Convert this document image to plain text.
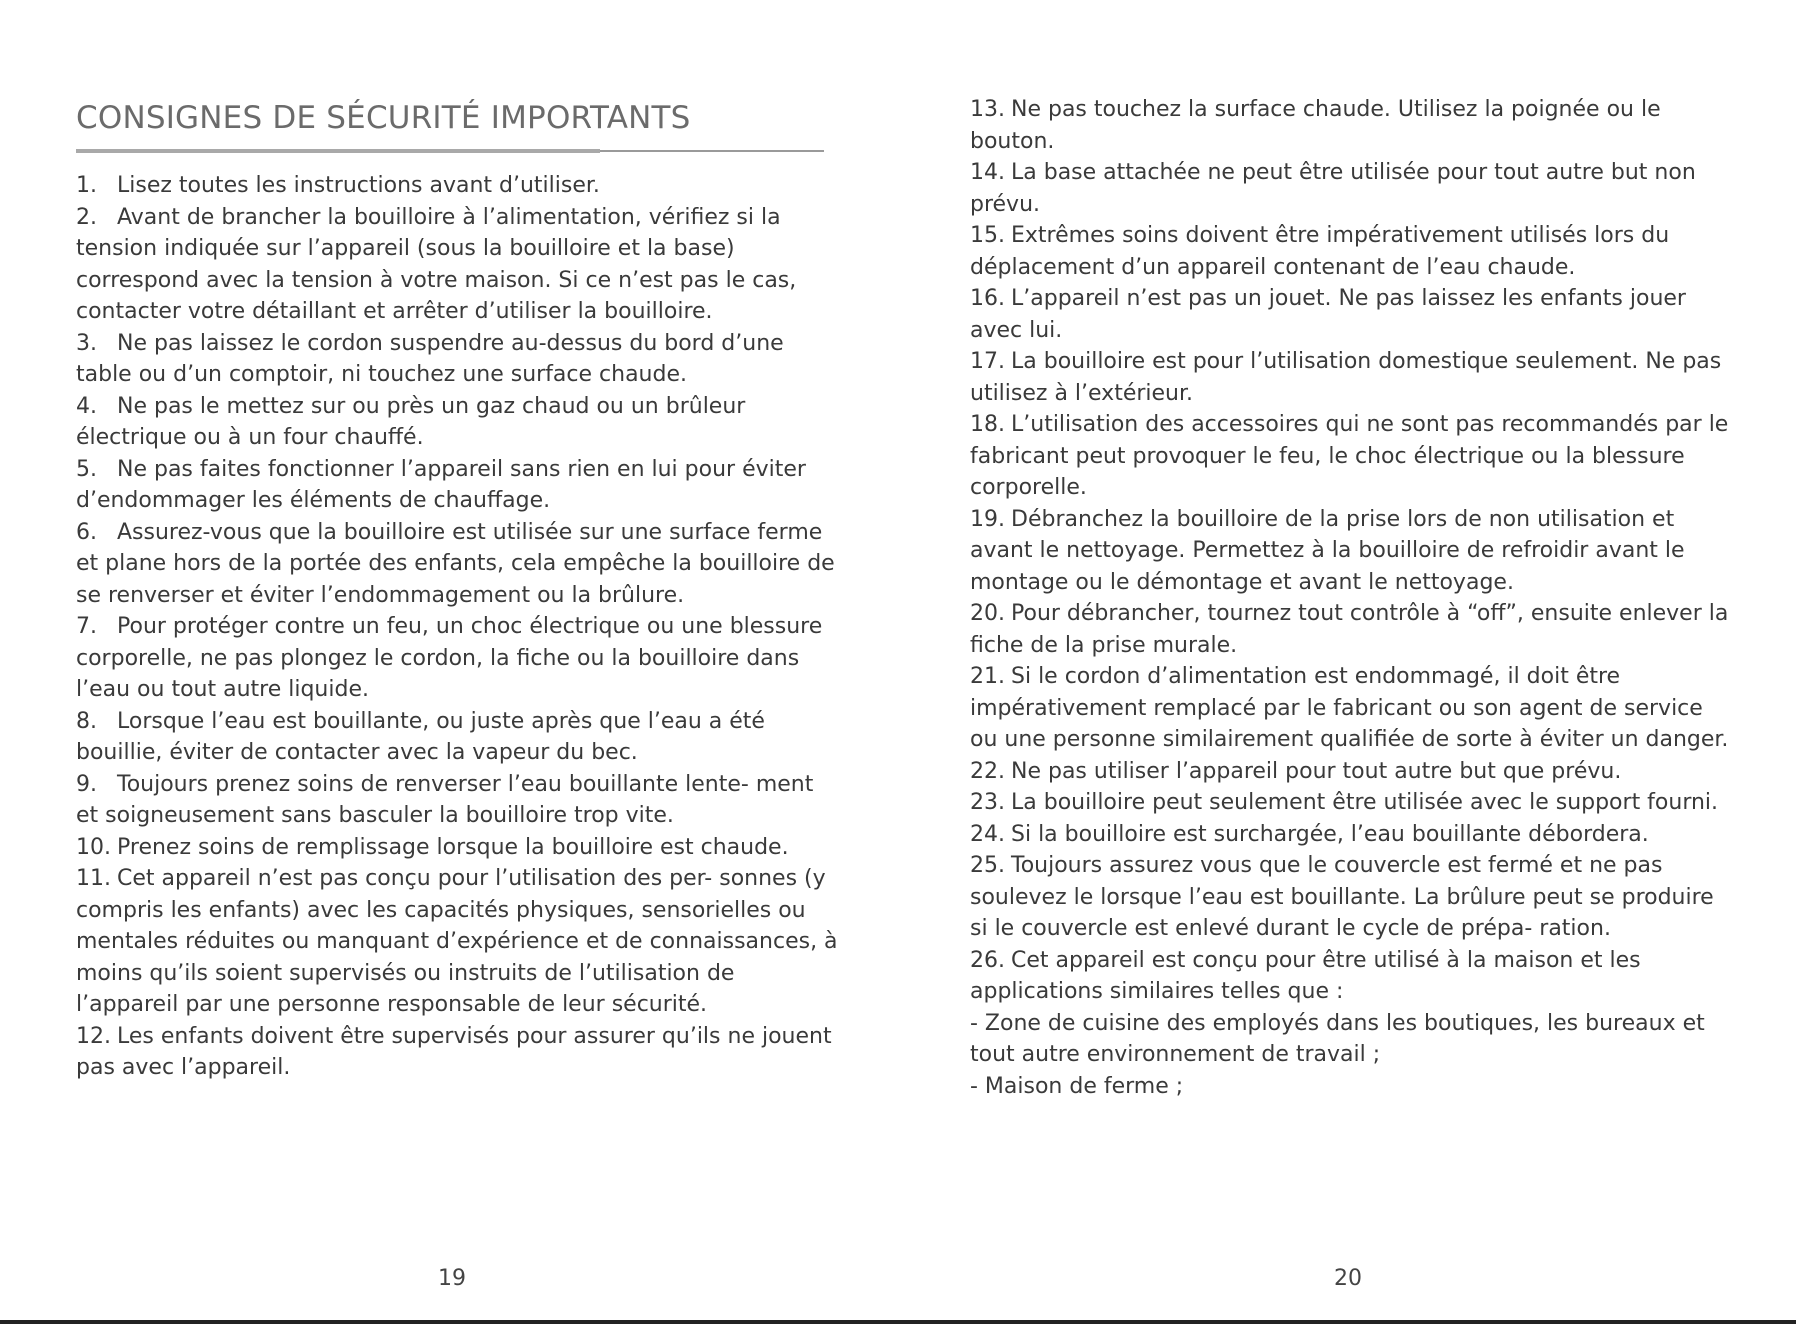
CONSIGNES DE SÉCURITÉ IMPORTANTS
1. Lisez toutes les instructions avant d’utiliser.
2. Avant de brancher la bouilloire à l’alimentation, vérifiez si la tension indiquée sur l’appareil (sous la bouilloire et la base) correspond avec la tension à votre maison. Si ce n’est pas le cas, contacter votre détaillant et arrêter d’utiliser la bouilloire.
3. Ne pas laissez le cordon suspendre au-dessus du bord d’une table ou d’un comptoir, ni touchez une surface chaude.
4. Ne pas le mettez sur ou près un gaz chaud ou un brûleur électrique ou à un four chauffé.
5. Ne pas faites fonctionner l’appareil sans rien en lui pour éviter d’endommager les éléments de chauffage.
6. Assurez-vous que la bouilloire est utilisée sur une surface ferme et plane hors de la portée des enfants, cela empêche la bouilloire de se renverser et éviter l’endommagement ou la brûlure.
7. Pour protéger contre un feu, un choc électrique ou une blessure corporelle, ne pas plongez le cordon, la fiche ou la bouilloire dans l’eau ou tout autre liquide.
8. Lorsque l’eau est bouillante, ou juste après que l’eau a été bouillie, éviter de contacter avec la vapeur du bec.
9. Toujours prenez soins de renverser l’eau bouillante lente- ment et soigneusement sans basculer la bouilloire trop vite.
10. Prenez soins de remplissage lorsque la bouilloire est chaude.
11. Cet appareil n’est pas conçu pour l’utilisation des per- sonnes (y compris les enfants) avec les capacités physiques, sensorielles ou mentales réduites ou manquant d’expérience et de connaissances, à moins qu’ils soient supervisés ou instruits de l’utilisation de l’appareil par une personne responsable de leur sécurité.
12. Les enfants doivent être supervisés pour assurer qu’ils ne jouent pas avec l’appareil.
19
13. Ne pas touchez la surface chaude. Utilisez la poignée ou le bouton.
14. La base attachée ne peut être utilisée pour tout autre but non prévu.
15. Extrêmes soins doivent être impérativement utilisés lors du déplacement d’un appareil contenant de l’eau chaude.
16. L’appareil n’est pas un jouet. Ne pas laissez les enfants jouer avec lui.
17. La bouilloire est pour l’utilisation domestique seulement. Ne pas utilisez à l’extérieur.
18. L’utilisation des accessoires qui ne sont pas recommandés par le fabricant peut provoquer le feu, le choc électrique ou la blessure corporelle.
19. Débranchez la bouilloire de la prise lors de non utilisation et avant le nettoyage. Permettez à la bouilloire de refroidir avant le montage ou le démontage et avant le nettoyage.
20. Pour débrancher, tournez tout contrôle à “off”, ensuite enlever la fiche de la prise murale.
21. Si le cordon d’alimentation est endommagé, il doit être impérativement remplacé par le fabricant ou son agent de service ou une personne similairement qualifiée de sorte à éviter un danger.
22. Ne pas utiliser l’appareil pour tout autre but que prévu.
23. La bouilloire peut seulement être utilisée avec le support fourni.
24. Si la bouilloire est surchargée, l’eau bouillante débordera.
25. Toujours assurez vous que le couvercle est fermé et ne pas soulevez le lorsque l’eau est bouillante. La brûlure peut se produire si le couvercle est enlevé durant le cycle de prépa- ration.
26. Cet appareil est conçu pour être utilisé à la maison et les applications similaires telles que :
- Zone de cuisine des employés dans les boutiques, les bureaux et tout autre environnement de travail ;
- Maison de ferme ;
20
